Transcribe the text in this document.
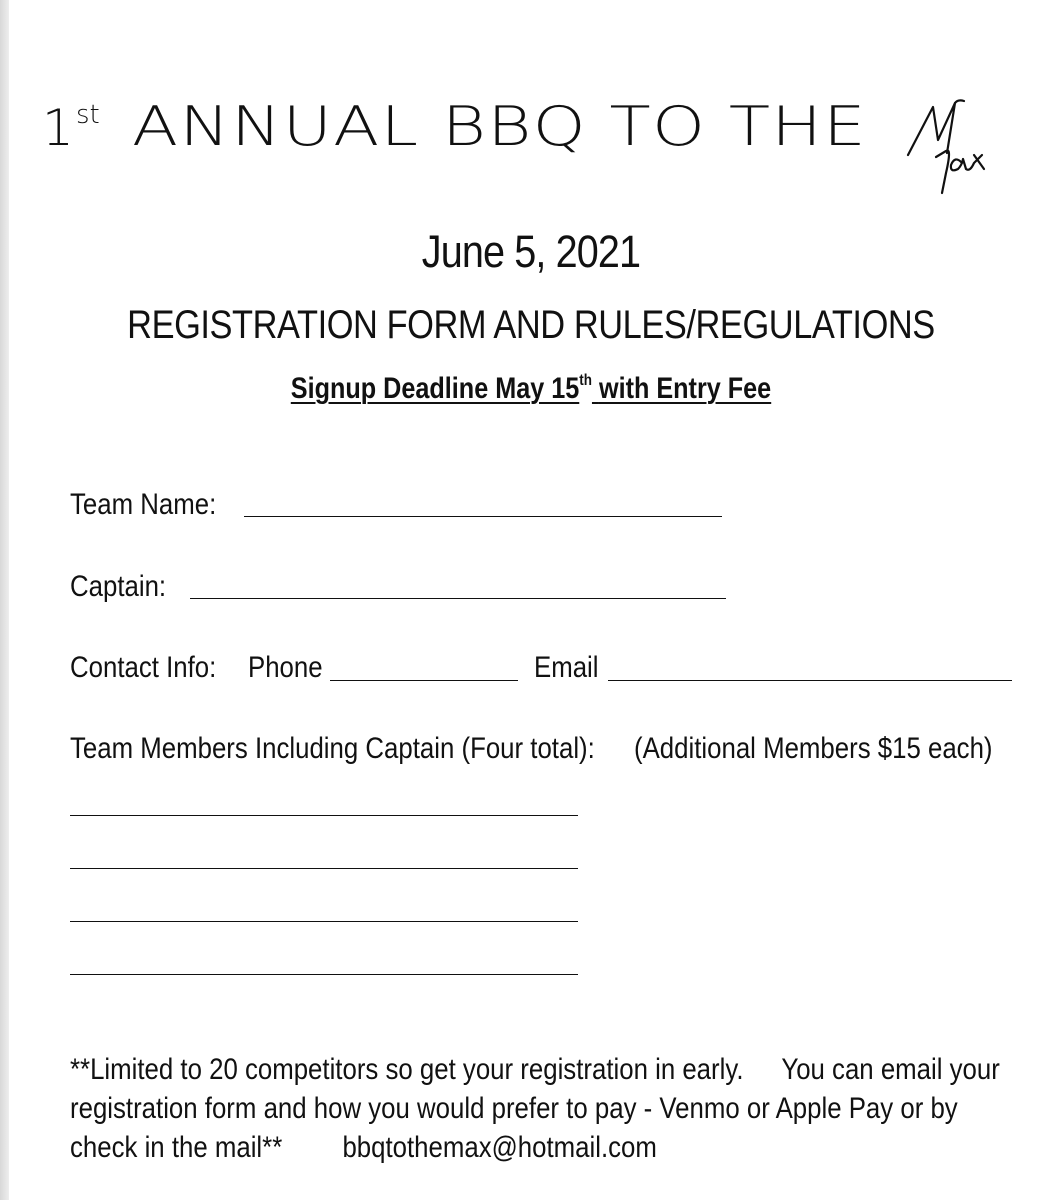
1 st ANNUAL BBQ TO THE
June 5, 2021
REGISTRATION FORM AND RULES/REGULATIONS
Signup Deadline May 15th with Entry Fee
Team Name:
Captain:
Contact Info: Phone	Email
Team Members Including Captain (Four total): (Additional Members $15 each)
**Limited to 20 competitors so get your registration in early. You can email your
registration form and how you would prefer to pay - Venmo or Apple Pay or by
check in the mail** bbqtothemax@hotmail.com
